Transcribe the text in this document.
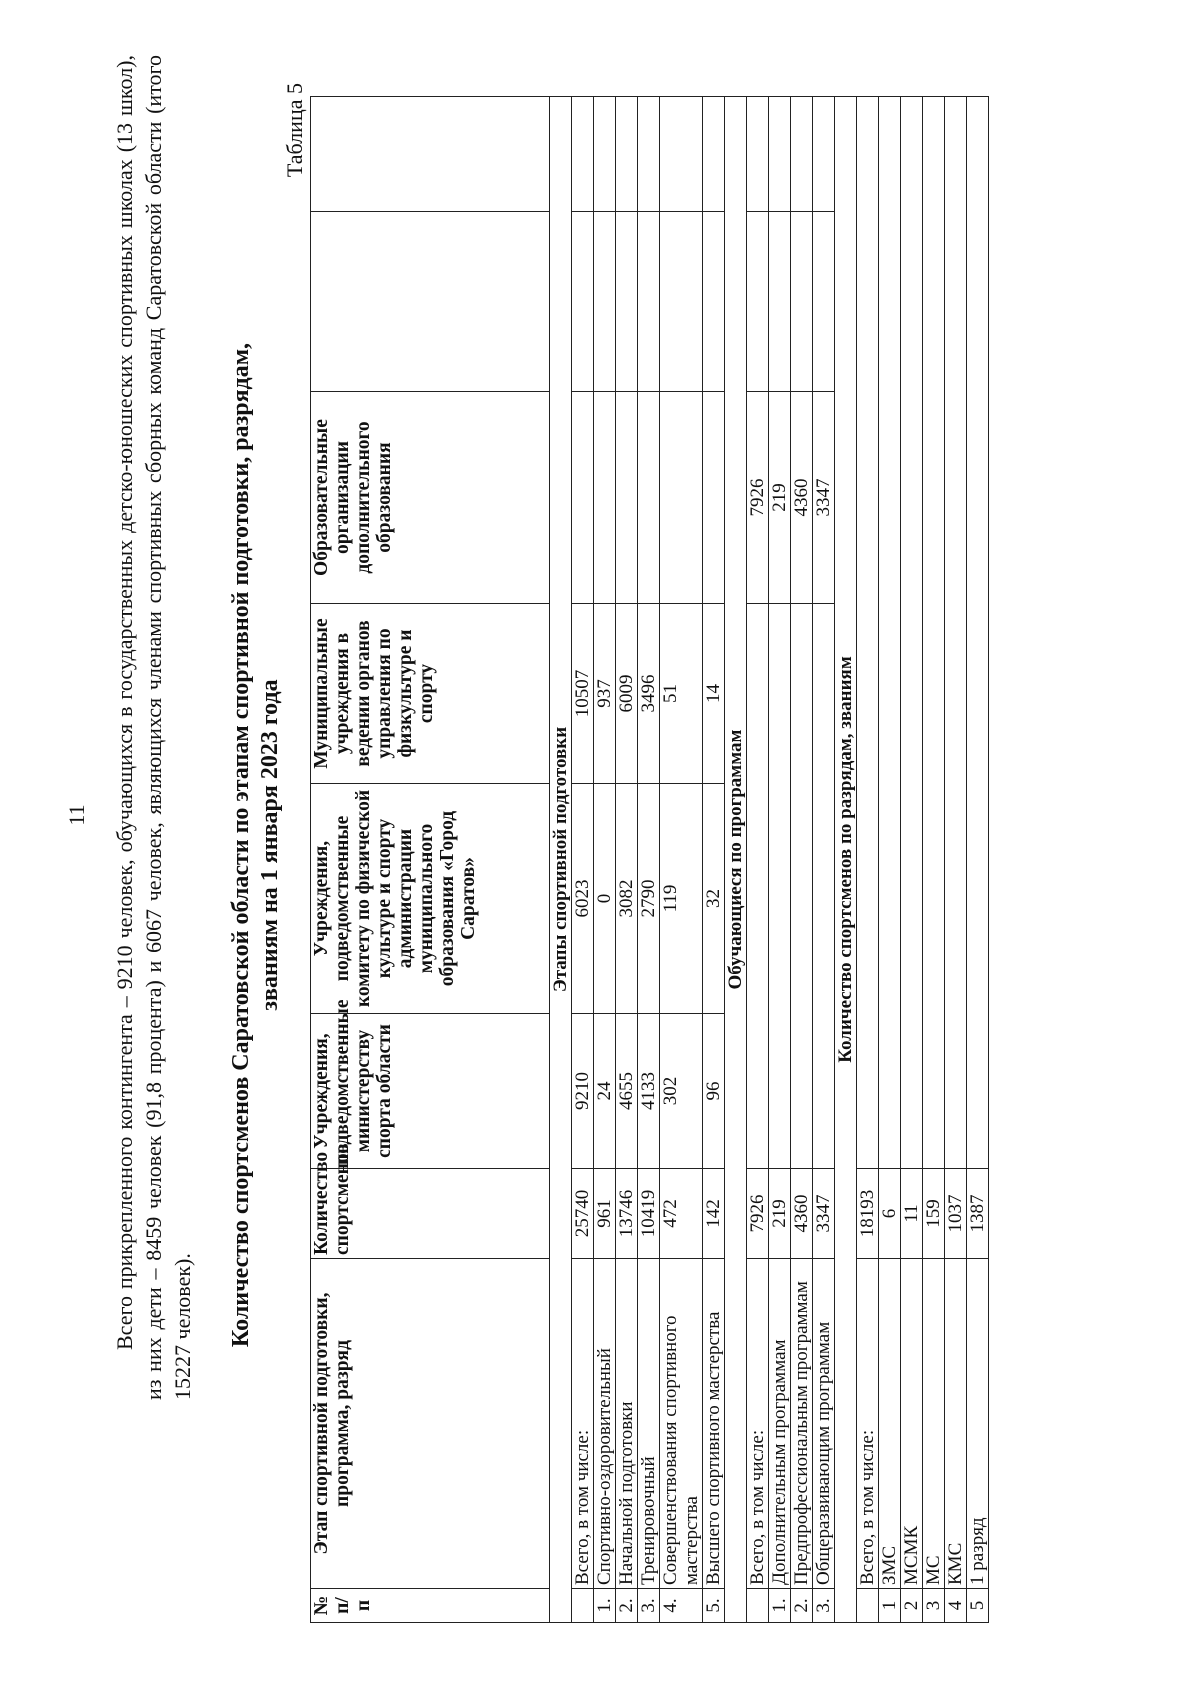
11 Всего прикрепленного контингента – 9210 человек, обучающихся в государственных детско-юношеских спортивных школах (13 школ), из них дети – 8459 человек (91,8 процента) и 6067 человек, являющихся членами спортивных сборных команд Саратовской области (итого 15227 человек). Количество спортсменов Саратовской области по этапам спортивной подготовки, разрядам, званиям на 1 января 2023 года
Таблица 5
№ п/п	Этап спортивной подготовки, программа, разряд	Количество спортсменов	Учреждения, подведомственные министерству спорта области	Учреждения, подведомственные комитету по физической культуре и спорту администрации муниципального образования «Город Саратов»	Муниципальные учреждения в ведении органов управления по физкультуре и спорту	Образовательные организации дополнительного образования		
Этапы спортивной подготовки								
	Всего, в том числе:	25740	9210	6023	10507			
1.	Спортивно-оздоровительный	961	24	0	937			
2.	Начальной подготовки	13746	4655	3082	6009			
3.	Тренировочный	10419	4133	2790	3496			
4.	Совершенствования спортивного мастерства	472	302	119	51			
5.	Высшего спортивного мастерства	142	96	32	14			
Обучающиеся по программам								
	Всего, в том числе:	7926				7926		
1.	Дополнительным программам	219				219		
2.	Предпрофессиональным программам	4360				4360		
3.	Общеразвивающим программам	3347				3347		
Количество спортсменов по разрядам, званиям								
	Всего, в том числе:	18193						
1	ЗМС	6						
2	МСМК	11						
3	МС	159						
4	КМС	1037						
5	1 разряд	1387						
